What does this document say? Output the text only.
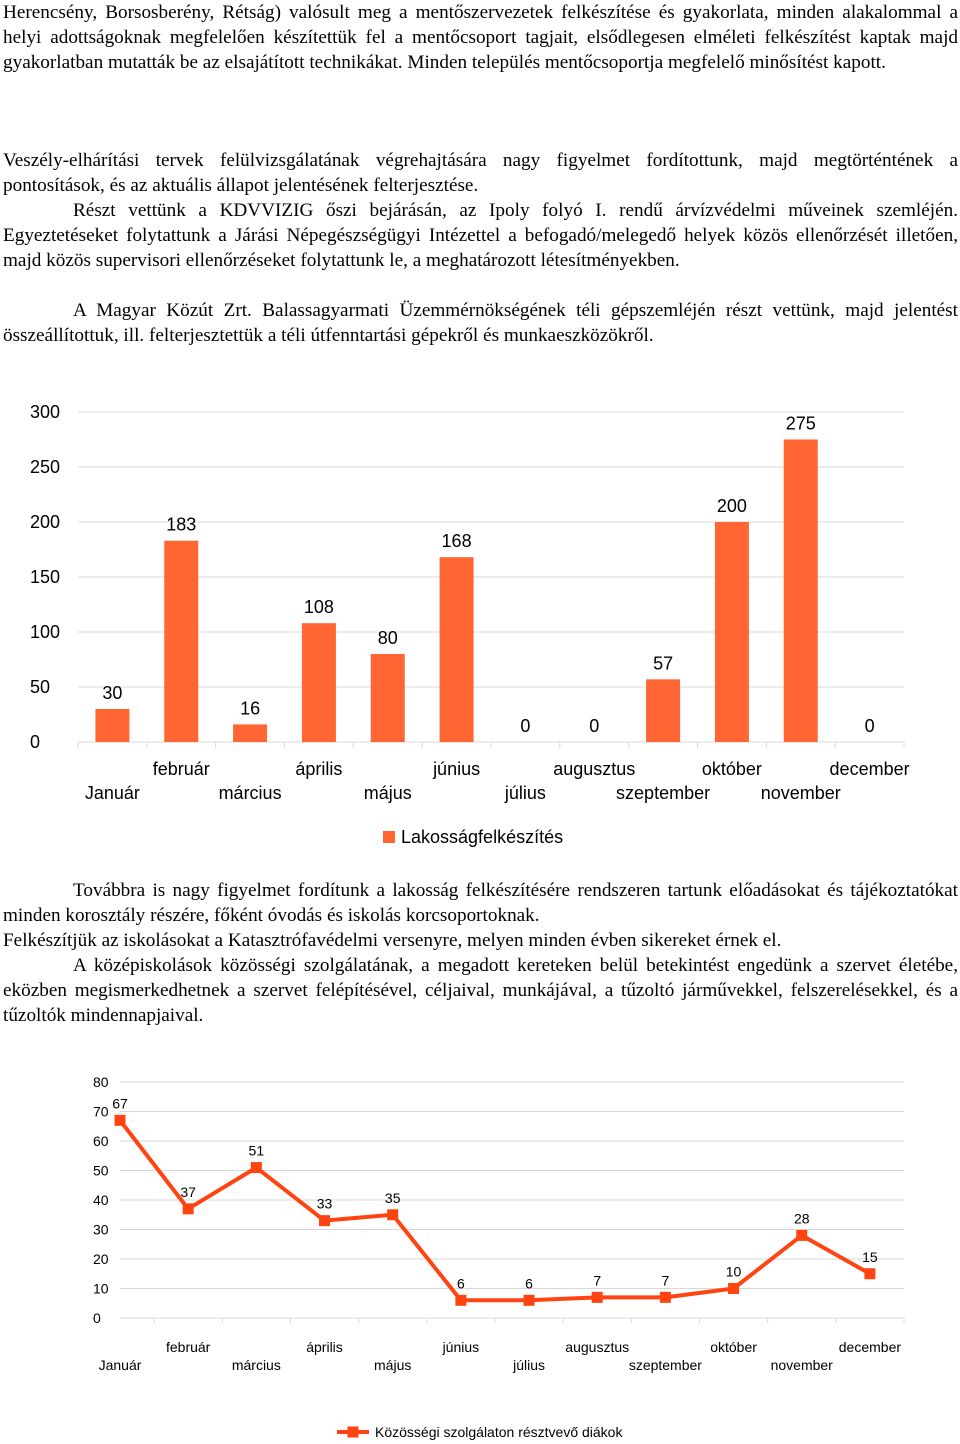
Herencsény, Borsosberény, Rétság) valósult meg a mentőszervezetek felkészítése és gyakorlata, minden alakalommal a helyi adottságoknak megfelelően készítettük fel a mentőcsoport tagjait, elsődlegesen elméleti felkészítést kaptak majd gyakorlatban mutatták be az elsajátított technikákat. Minden település mentőcsoportja megfelelő minősítést kapott.

Veszély-elhárítási tervek felülvizsgálatának végrehajtására nagy figyelmet fordítottunk, majd megtörténtének a pontosítások, és az aktuális állapot jelentésének felterjesztése.

Részt vettünk a KDVVIZIG őszi bejárásán, az Ipoly folyó I. rendű árvízvédelmi műveinek szemléjén. Egyeztetéseket folytattunk a Járási Népegészségügyi Intézettel a befogadó/melegedő helyek közös ellenőrzését illetően, majd közös supervisori ellenőrzéseket folytattunk le, a meghatározott létesítményekben.

A Magyar Közút Zrt. Balassagyarmati Üzemmérnökségének téli gépszemléjén részt vettünk, majd jelentést összeállítottuk, ill. felterjesztettük a téli útfenntartási gépekről és munkaeszközökről.

0
50
100
150
200
250
300
30
183
16
108
80
168
0	0
57
200
275
0
Január
február
március
április
május
június
július
augusztus
szeptember
október
november
december
Lakosságfelkészítés

Továbbra is nagy figyelmet fordítunk a lakosság felkészítésére rendszeren tartunk előadásokat és tájékoztatókat minden korosztály részére, főként óvodás és iskolás korcsoportoknak.

Felkészítjük az iskolásokat a Katasztrófavédelmi versenyre, melyen minden évben sikereket érnek el.

A középiskolások közösségi szolgálatának, a megadott kereteken belül betekintést engedünk a szervet életébe, eközben megismerkedhetnek a szervet felépítésével, céljaival, munkájával, a tűzoltó járművekkel, felszerelésekkel, és a tűzoltók mindennapjaival.

0
10
20
30
40
50
60
70
80
67
37
51
33	35
6	6	7	7
10
28
15
Január
február
március
április
május
június
július
augusztus
szeptember
október
november
december
Közösségi szolgálaton résztvevő diákok
